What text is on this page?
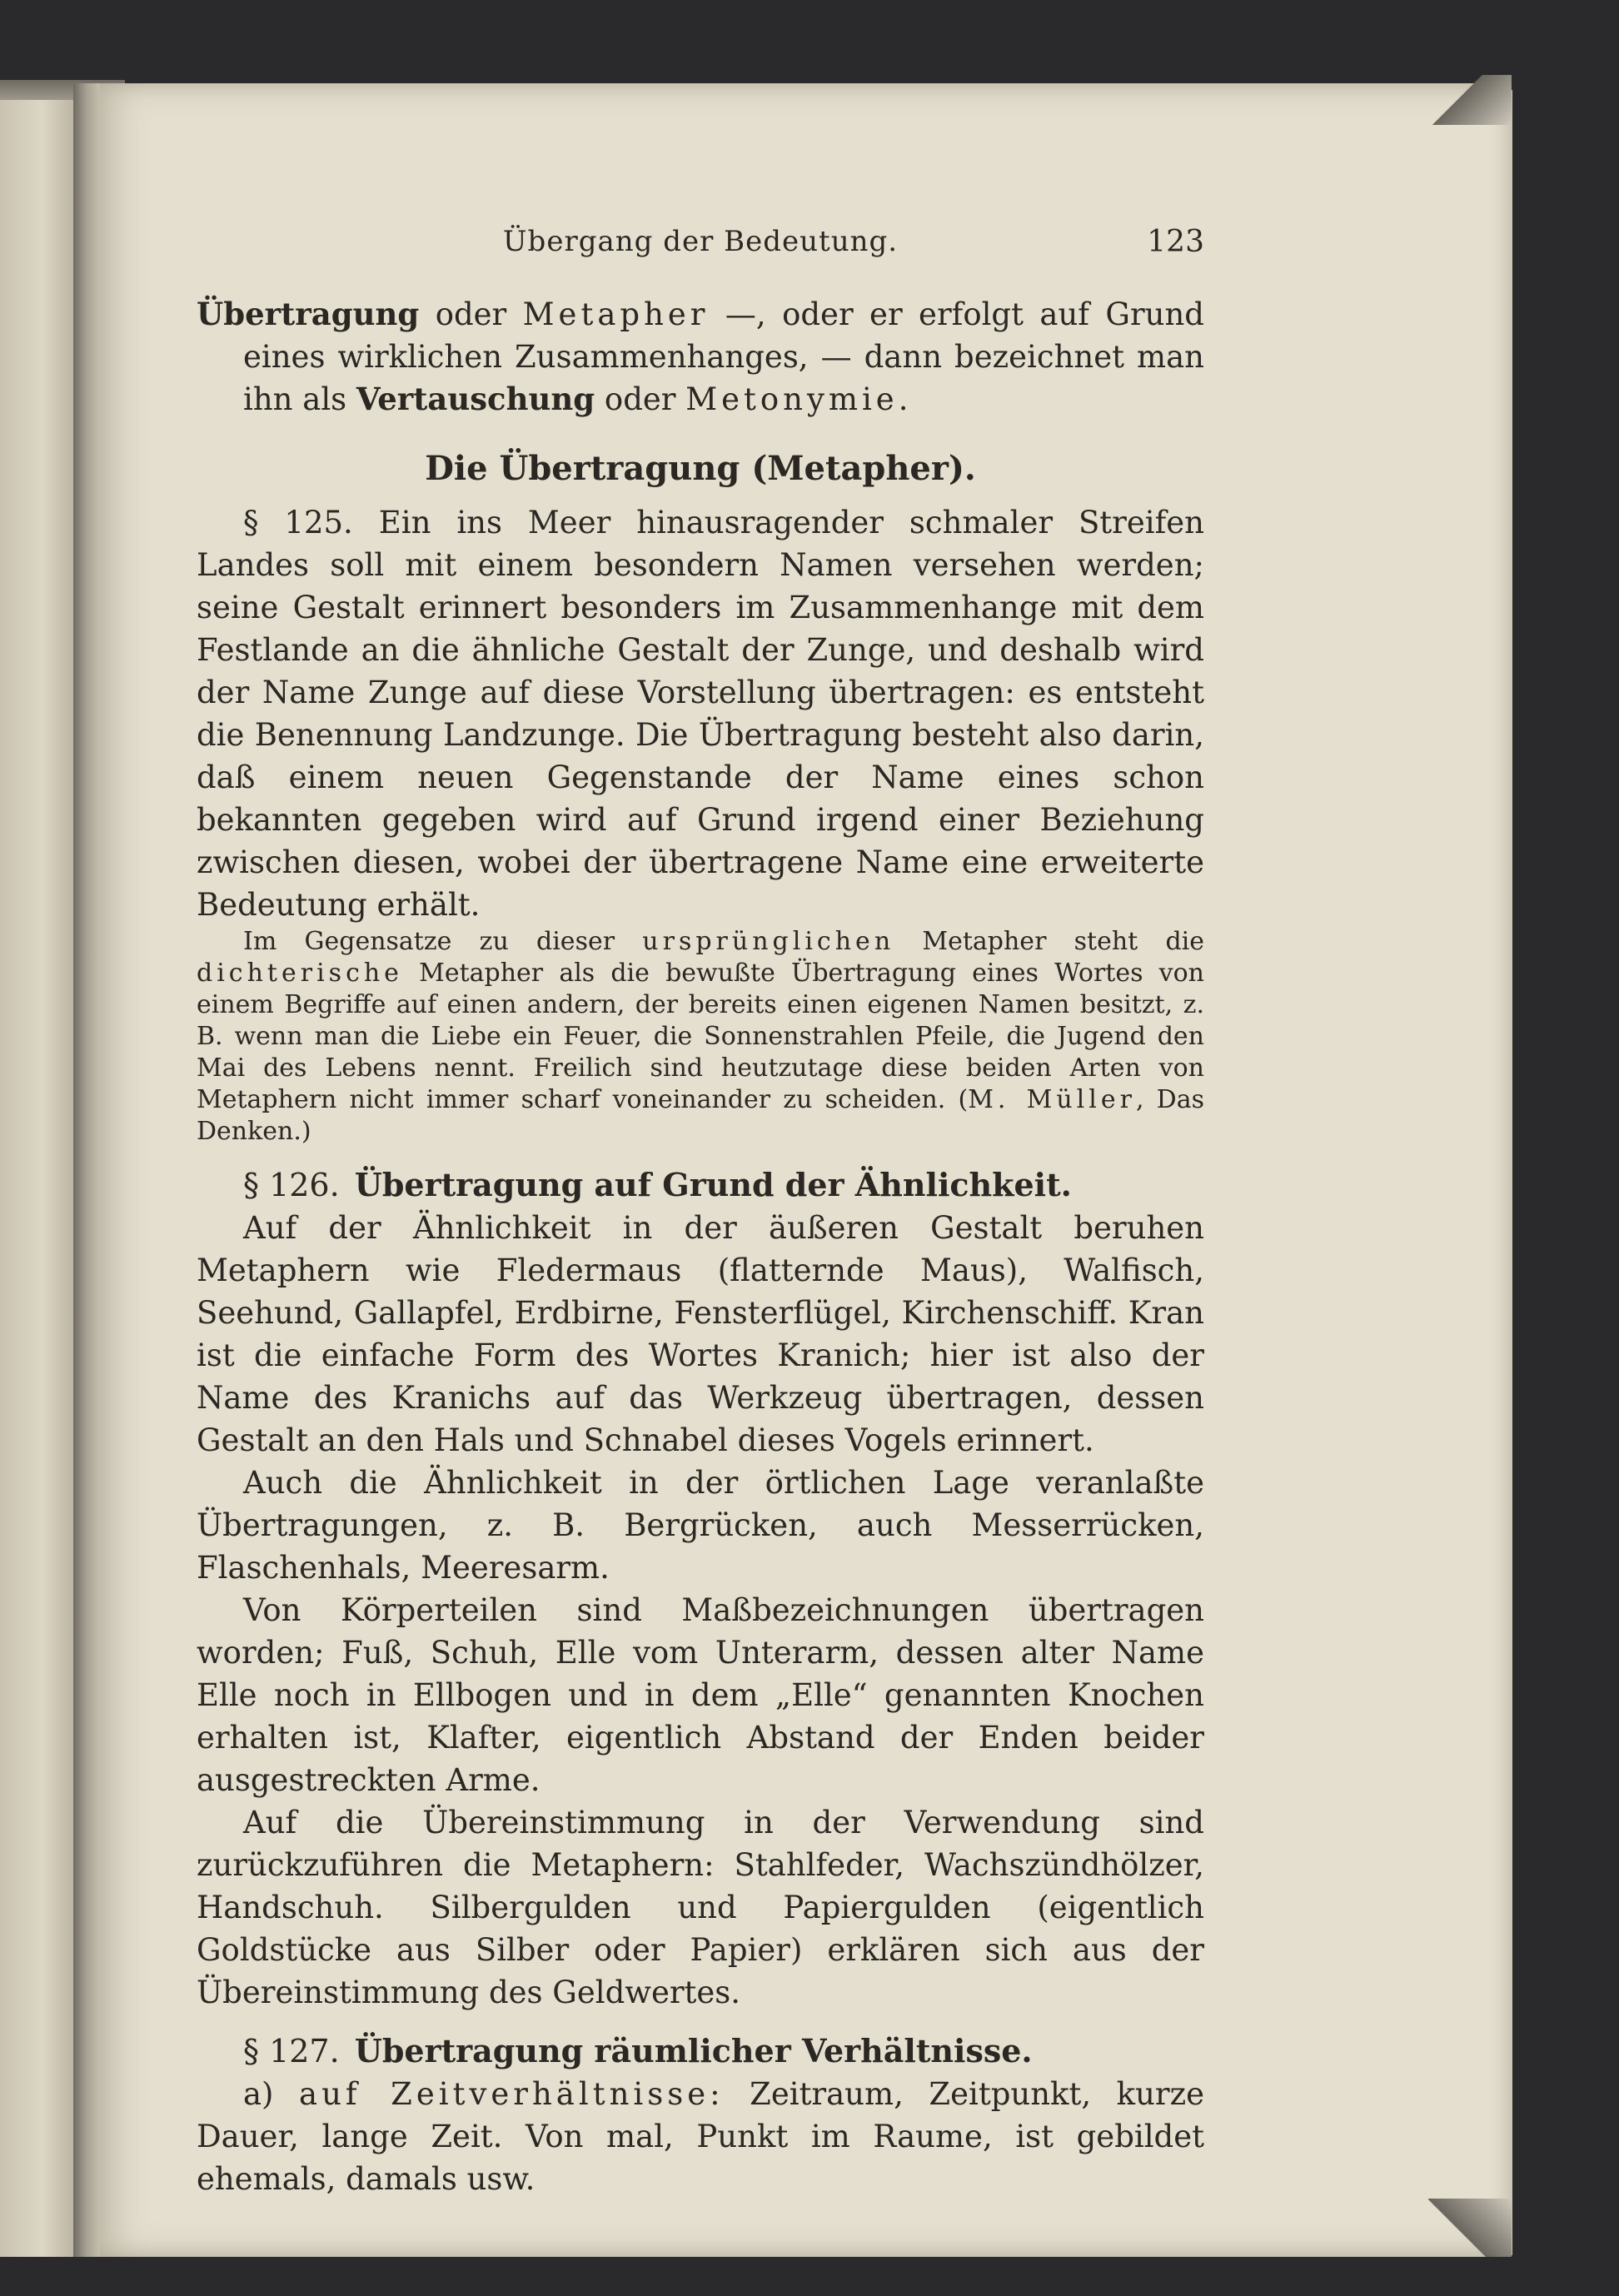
Übergang der Bedeutung.	123

Übertragung oder Metapher —, oder er erfolgt auf Grund eines wirklichen Zusammenhanges, — dann bezeichnet man ihn als Vertauschung oder Metonymie.

Die Übertragung (Metapher).

§ 125. Ein ins Meer hinausragender schmaler Streifen Landes soll mit einem besondern Namen versehen werden; seine Gestalt erinnert besonders im Zusammenhange mit dem Festlande an die ähnliche Gestalt der Zunge, und deshalb wird der Name Zunge auf diese Vorstellung übertragen: es entsteht die Benennung Landzunge. Die Übertragung besteht also darin, daß einem neuen Gegenstande der Name eines schon bekannten gegeben wird auf Grund irgend einer Beziehung zwischen diesen, wobei der übertragene Name eine erweiterte Bedeutung erhält.

Im Gegensatze zu dieser ursprünglichen Metapher steht die dichterische Metapher als die bewußte Übertragung eines Wortes von einem Begriffe auf einen andern, der bereits einen eigenen Namen besitzt, z. B. wenn man die Liebe ein Feuer, die Sonnenstrahlen Pfeile, die Jugend den Mai des Lebens nennt. Freilich sind heutzutage diese beiden Arten von Metaphern nicht immer scharf voneinander zu scheiden. (M. Müller, Das Denken.)

§ 126. Übertragung auf Grund der Ähnlichkeit.

Auf der Ähnlichkeit in der äußeren Gestalt beruhen Metaphern wie Fledermaus (flatternde Maus), Walfisch, Seehund, Gallapfel, Erdbirne, Fensterflügel, Kirchenschiff. Kran ist die einfache Form des Wortes Kranich; hier ist also der Name des Kranichs auf das Werkzeug übertragen, dessen Gestalt an den Hals und Schnabel dieses Vogels erinnert.

Auch die Ähnlichkeit in der örtlichen Lage veranlaßte Übertragungen, z. B. Bergrücken, auch Messerrücken, Flaschenhals, Meeresarm.

Von Körperteilen sind Maßbezeichnungen übertragen worden; Fuß, Schuh, Elle vom Unterarm, dessen alter Name Elle noch in Ellbogen und in dem „Elle“ genannten Knochen erhalten ist, Klafter, eigentlich Abstand der Enden beider ausgestreckten Arme.

Auf die Übereinstimmung in der Verwendung sind zurückzuführen die Metaphern: Stahlfeder, Wachszündhölzer, Handschuh. Silbergulden und Papiergulden (eigentlich Goldstücke aus Silber oder Papier) erklären sich aus der Übereinstimmung des Geldwertes.

§ 127. Übertragung räumlicher Verhältnisse.

a) auf Zeitverhältnisse: Zeitraum, Zeitpunkt, kurze Dauer, lange Zeit. Von mal, Punkt im Raume, ist gebildet ehemals, damals usw.
